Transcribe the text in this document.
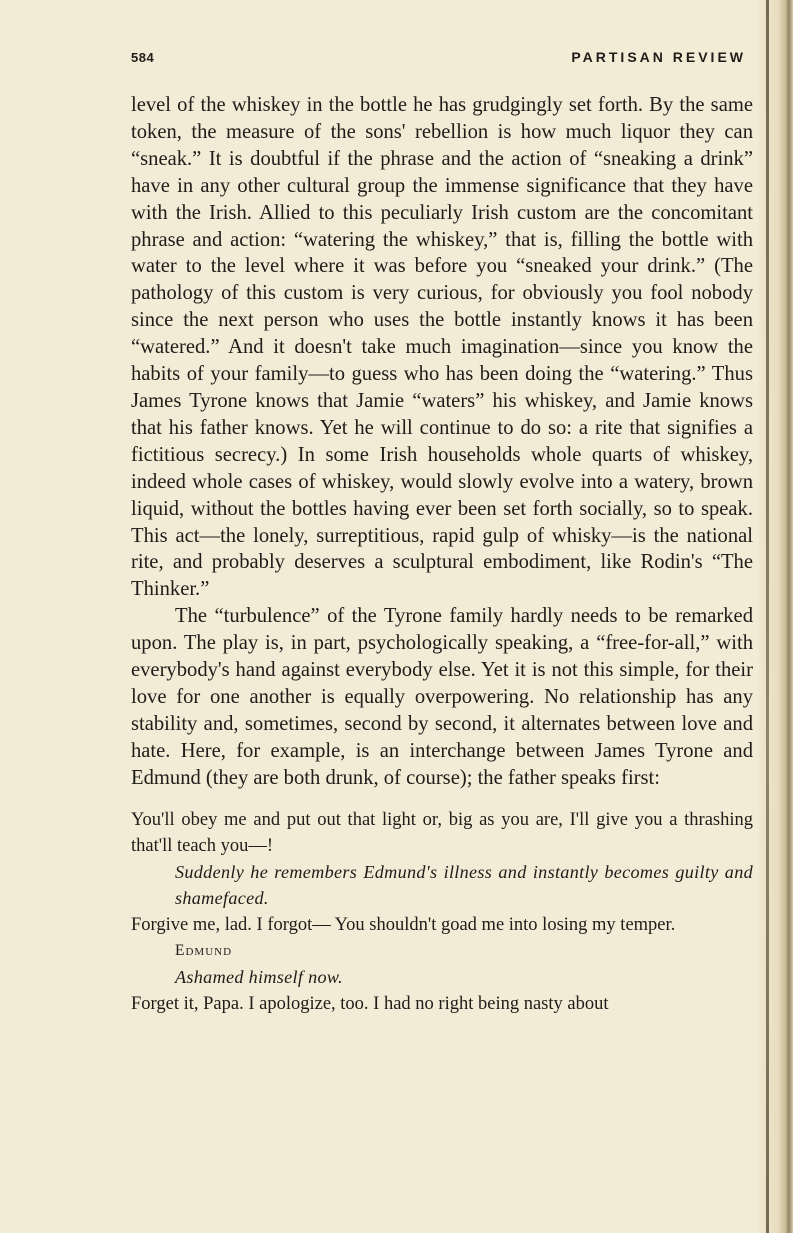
584	PARTISAN REVIEW

level of the whiskey in the bottle he has grudgingly set forth. By the same token, the measure of the sons' rebellion is how much liquor they can “sneak.” It is doubtful if the phrase and the action of “sneaking a drink” have in any other cultural group the immense significance that they have with the Irish. Allied to this peculiarly Irish custom are the concomitant phrase and action: “watering the whiskey,” that is, filling the bottle with water to the level where it was before you “sneaked your drink.” (The pathology of this custom is very curious, for obviously you fool nobody since the next person who uses the bottle instantly knows it has been “watered.” And it doesn't take much imagination—since you know the habits of your family—to guess who has been doing the “watering.” Thus James Tyrone knows that Jamie “waters” his whiskey, and Jamie knows that his father knows. Yet he will continue to do so: a rite that signifies a fictitious secrecy.) In some Irish households whole quarts of whiskey, indeed whole cases of whiskey, would slowly evolve into a watery, brown liquid, without the bottles having ever been set forth socially, so to speak. This act—the lonely, surreptitious, rapid gulp of whisky—is the national rite, and probably deserves a sculptural embodiment, like Rodin's “The Thinker.”

The “turbulence” of the Tyrone family hardly needs to be remarked upon. The play is, in part, psychologically speaking, a “free-for-all,” with everybody's hand against everybody else. Yet it is not this simple, for their love for one another is equally overpowering. No relationship has any stability and, sometimes, second by second, it alternates between love and hate. Here, for example, is an interchange between James Tyrone and Edmund (they are both drunk, of course); the father speaks first:

You'll obey me and put out that light or, big as you are, I'll give you a thrashing that'll teach you—!

Suddenly he remembers Edmund's illness and instantly becomes guilty and shamefaced.

Forgive me, lad. I forgot— You shouldn't goad me into losing my temper.

Edmund

Ashamed himself now.

Forget it, Papa. I apologize, too. I had no right being nasty about
